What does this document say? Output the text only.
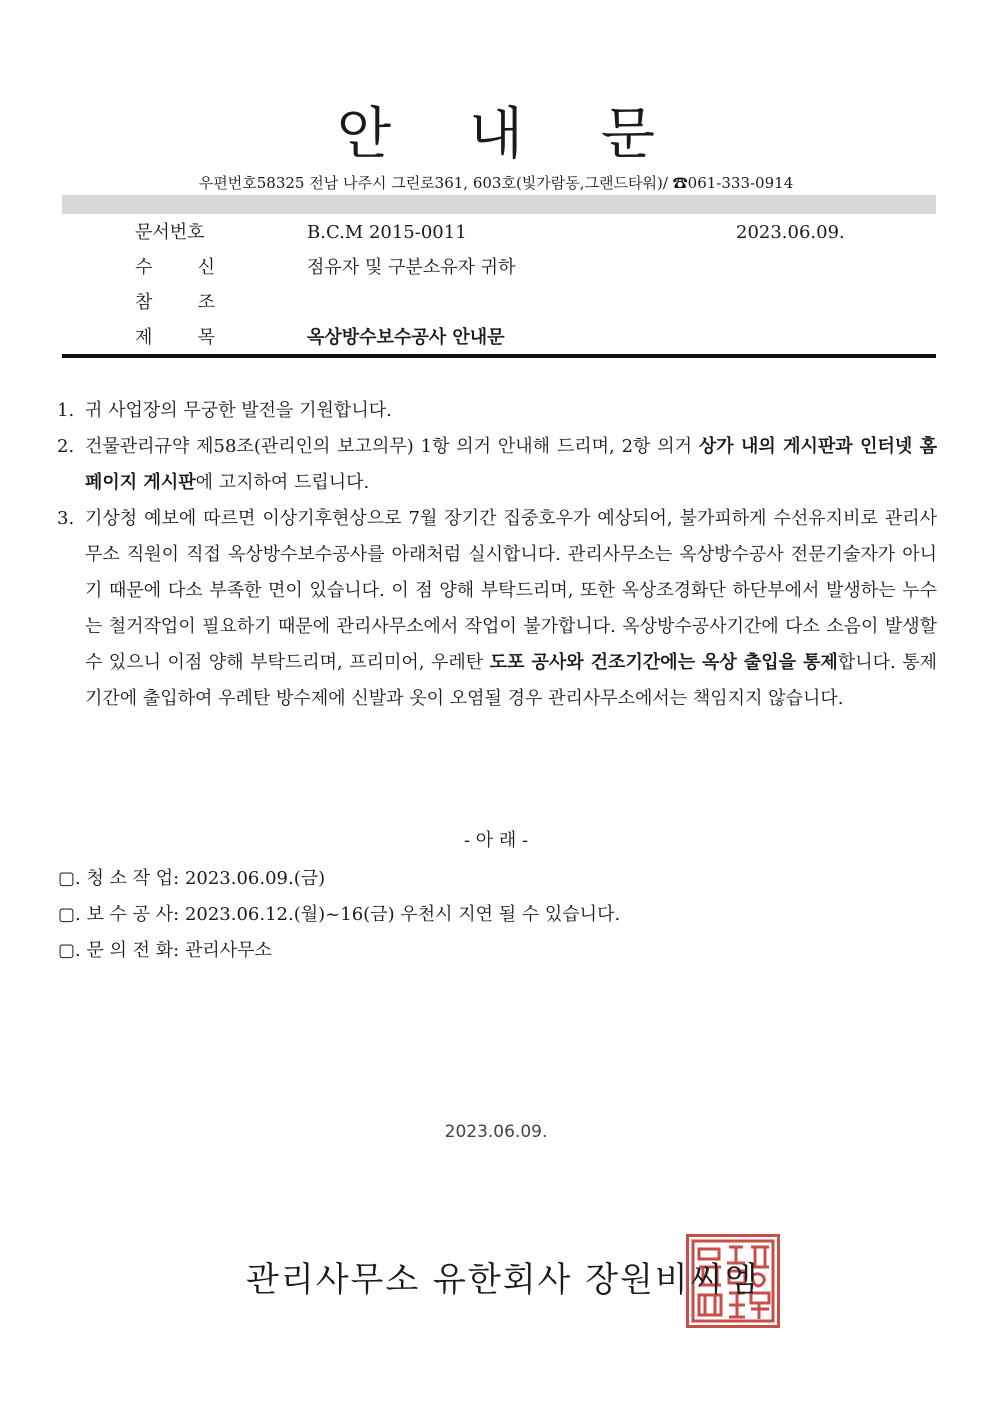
안 내 문
우편번호58325 전남 나주시 그린로361, 603호(빛가람동,그랜드타워)/ ☎061-333-0914
문서번호	B.C.M 2015-0011	2023.06.09.
수	신	점유자 및 구분소유자 귀하
참	조
제	목	옥상방수보수공사 안내문
1. 귀 사업장의 무궁한 발전을 기원합니다.
2. 건물관리규약 제58조(관리인의 보고의무) 1항 의거 안내해 드리며, 2항 의거 상가 내의 게시판과 인터넷 홈페이지 게시판에 고지하여 드립니다.
3. 기상청 예보에 따르면 이상기후현상으로 7월 장기간 집중호우가 예상되어, 불가피하게 수선유지비로 관리사무소 직원이 직접 옥상방수보수공사를 아래처럼 실시합니다. 관리사무소는 옥상방수공사 전문기술자가 아니기 때문에 다소 부족한 면이 있습니다. 이 점 양해 부탁드리며, 또한 옥상조경화단 하단부에서 발생하는 누수는 철거작업이 필요하기 때문에 관리사무소에서 작업이 불가합니다. 옥상방수공사기간에 다소 소음이 발생할 수 있으니 이점 양해 부탁드리며, 프리미어, 우레탄 도포 공사와 건조기간에는 옥상 출입을 통제합니다. 통제기간에 출입하여 우레탄 방수제에 신발과 옷이 오염될 경우 관리사무소에서는 책임지지 않습니다.
- 아 래 -
▢. 청 소 작 업: 2023.06.09.(금)
▢. 보 수 공 사: 2023.06.12.(월)~16(금) 우천시 지연 될 수 있습니다.
▢. 문 의 전 화: 관리사무소
2023.06.09.
관리사무소 유한회사 장원비씨엠
